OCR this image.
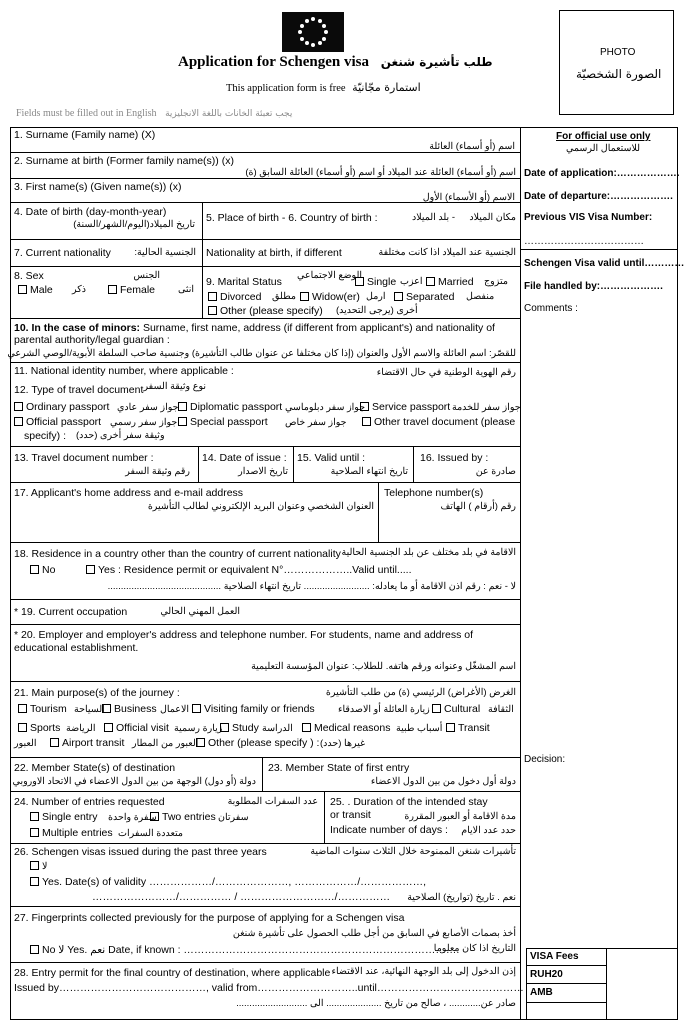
Application for Schengen visa طلب تأشيرة شنغن
This application form is free استمارة مجّانيّة
Fields must be filled out in English يجب تعبئة الخانات باللغة الانجليزية
PHOTO
الصورة الشخصيّة
1. Surname (Family name) (X)
اسم (أو أسماء) العائلة
2. Surname at birth (Former family name(s)) (x)
اسم (أو أسماء) العائلة عند الميلاد أو اسم (أو أسماء) العائلة السابق (ة)
3. First name(s) (Given name(s)) (x)
الاسم (أو الأسماء) الأول
4. Date of birth (day-month-year)
تاريخ الميلاد(اليوم/الشهر/السنة)
5. Place of birth - 6. Country of birth :	مكان الميلاد
- بلد الميلاد
7. Current nationality	الجنسية الحالية: Nationality at birth, if different	الجنسية عند الميلاد اذا كانت مختلفة
8. Sex	الجنس
Male ذكر	Female انثى
9. Marital Status
الوضع الاجتماعي
Single اعزب	Married متزوج
Divorced مطلق	Widow(er) ارمل	Separated منفصل
Other (please specify) أخرى (يرجى التحديد)
10. In the case of minors: Surname, first name, address (if different from applicant's) and nationality of parental authority/legal guardian :
للقصّر: اسم العائلة والاسم الأول والعنوان (إذا كان مختلفا عن عنوان طالب التأشيرة) وجنسية صاحب السلطة الأبوية/الوصي الشرعي
11. National identity number, where applicable :	رقم الهوية الوطنية في حال الاقتضاء
12. Type of travel document نوع وثيقة السفر
Ordinary passport جواز سفر عادي	Diplomatic passport جواز سفر دبلوماسي Service passport جواز سفر للخدمة
Official passport جواز سفر رسمي	Special passport جواز سفر خاص	Other travel document (please
specify) : وثيقة سفر أخرى (حدد)
13. Travel document number :
رقم وثيقة السفر
14. Date of issue :
تاريخ الاصدار
15. Valid until :
تاريخ انتهاء الصلاحية
16. Issued by :
صادرة عن
17. Applicant's home address and e-mail address
العنوان الشخصي وعنوان البريد الإلكتروني لطالب التأشيرة
Telephone number(s)
رقم (أرقام ) الهاتف
18. Residence in a country other than the country of current nationality الاقامة في بلد مختلف عن بلد الجنسية الحالية
No	Yes : Residence permit or equivalent N°………………..Valid until.....
لا - نعم : رقم اذن الاقامة أو ما يعادله: ......................... تاريخ انتهاء الصلاحية ...........................................
* 19. Current occupation	العمل المهني الحالي
* 20. Employer and employer's address and telephone number. For students, name and address of educational establishment.
اسم المشغّل وعنوانه ورقم هاتفه. للطلاب: عنوان المؤسسة التعليمية
21. Main purpose(s) of the journey :	الغرض (الأغراض) الرئيسي (ة) من طلب التأشيرة
Tourism السياحة Business الاعمال	Visiting family or friends زيارة العائلة أو الاصدقاء	Cultural الثقافة
Sports الرياضة	Official visit زيارة رسمية Study الدراسة	Medical reasons أسباب طبية	Transit
العبور	Airport transit العبور من المطار Other (please specify ) : غيرها (حدد)
22. Member State(s) of destination
دولة (أو دول) الوجهة من بين الدول الاعضاء في الاتحاد الاوروبي
23. Member State of first entry
دولة أول دخول من بين الدول الاعضاء
24. Number of entries requested	عدد السفرات المطلوبة
Single entry سفرة واحدة Two entries سفرتان
Multiple entries متعددة السفرات
25. . Duration of the intended stay or transit	مدة الاقامة أو العبور المقررة
Indicate number of days :	حدد عدد الايام
26. Schengen visas issued during the past three years	تأشيرات شنغن الممنوحة خلال الثلاث سنوات الماضية
لا
Yes. Date(s) of validity ………………/…………………, ………………/………………,
……………………/…………… / ………………………/……………	نعم . تاريخ (تواريخ) الصلاحية
27. Fingerprints collected previously for the purpose of applying for a Schengen visa
أخذ بصمات الأصابع في السابق من أجل طلب الحصول على تأشيرة شنغن
التاريخ اذا كان معلوما
No لا Yes. نعم Date, if known : …………………………………………………………………….
28. Entry permit for the final country of destination, where applicable إذن الدخول إلى بلد الوجهة النهائية، عند الاقتضاء
Issued by……………………………………, valid from………………………..until……………………………………
صادر عن............ ، صالح من تاريخ ..................... الى ...........................
For official use only
للاستعمال الرسمي
Date of application:……………….
Date of departure:……………….
Previous VIS Visa Number:
………………………………
Schengen Visa valid until…………
File handled by:……………….
Comments :
Decision:
VISA Fees
RUH20
AMB
